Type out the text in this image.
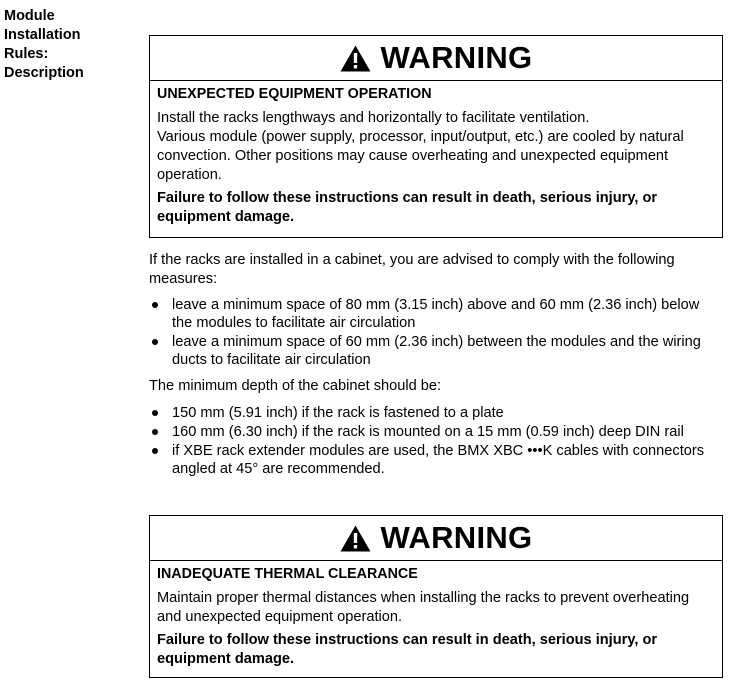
Module
Installation
Rules:
Description	WARNING

UNEXPECTED EQUIPMENT OPERATION

Install the racks lengthways and horizontally to facilitate ventilation.
Various module (power supply, processor, input/output, etc.) are cooled by natural convection. Other positions may cause overheating and unexpected equipment operation.

Failure to follow these instructions can result in death, serious injury, or equipment damage.

If the racks are installed in a cabinet, you are advised to comply with the following measures:

leave a minimum space of 80 mm (3.15 inch) above and 60 mm (2.36 inch) below the modules to facilitate air circulation
leave a minimum space of 60 mm (2.36 inch) between the modules and the wiring ducts to facilitate air circulation

The minimum depth of the cabinet should be:

150 mm (5.91 inch) if the rack is fastened to a plate
160 mm (6.30 inch) if the rack is mounted on a 15 mm (0.59 inch) deep DIN rail
if XBE rack extender modules are used, the BMX XBC •••K cables with connectors angled at 45° are recommended.
WARNING

INADEQUATE THERMAL CLEARANCE

Maintain proper thermal distances when installing the racks to prevent overheating and unexpected equipment operation.

Failure to follow these instructions can result in death, serious injury, or equipment damage.
